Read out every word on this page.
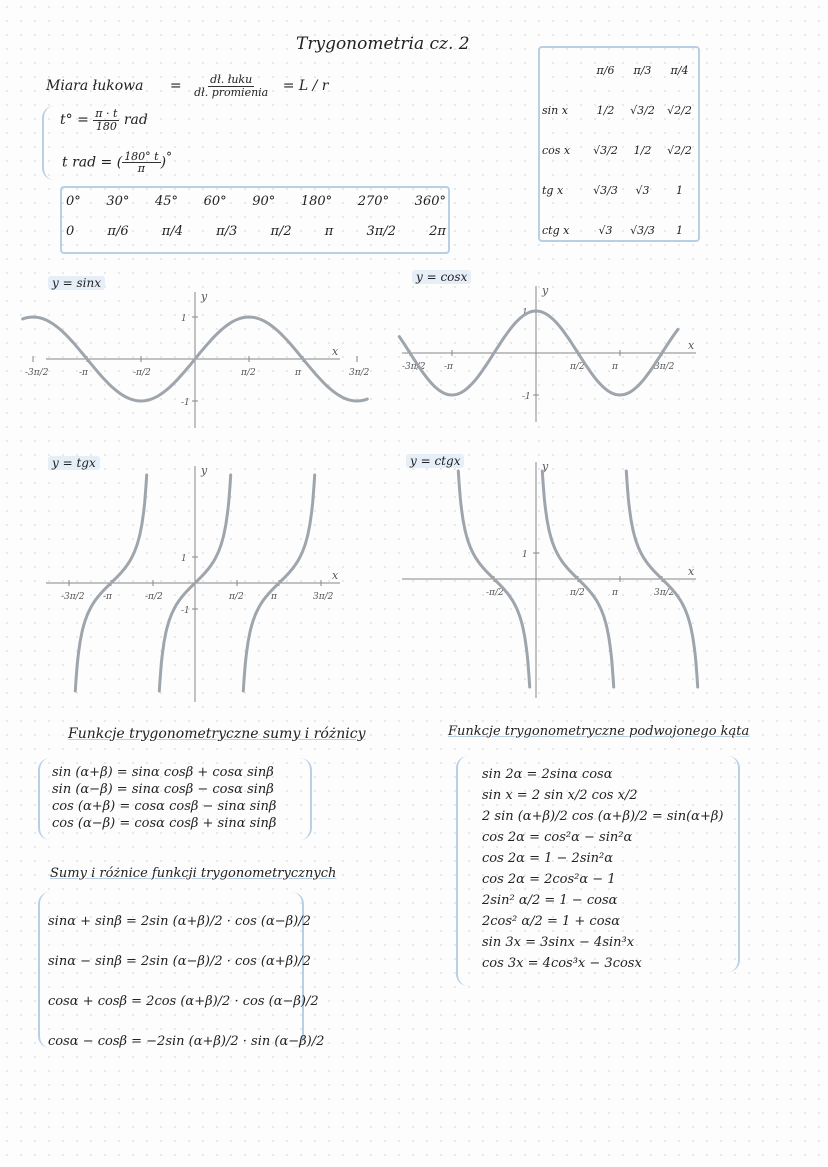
Trygonometria cz. 2
Miara łukowa = $\frac{\text{dł. łuku}}{\text{dł. promienia}} = L / r$
$t^\circ = \frac{\pi \cdot t}{180}$ rad
t rad = ( $\frac{180^\circ t}{\pi} )^\circ$
0° 30° 45° 60° 90° 180° 270° 360°
0	π/6	π/4	π/3	π/2	π	3π/2	2π
	π/6	π/3	π/4
sin x	1/2	√3/2	√2/2
cos x	√3/2	1/2	√2/2
tg x	√3/3	√3	1
ctg x	√3	√3/3	1
y = sinx	y = cosx
y = tgx	y = ctgx
x
y
-3π/2	-π	-π/2	π/2	π	3π/2
1
-1
x
y
-3π/2 -π	π/2	π	3π/2
1
-1
x
y
-3π/2 -π	-π/2	π/2	π	3π/2
1
-1
x
y
-π/2	π/2	π	3π/2
1
Funkcje trygonometryczne sumy i różnicy
sin (α+β) = sinα cosβ + cosα sinβ
sin (α−β) = sinα cosβ − cosα sinβ
cos (α+β) = cosα cosβ − sinα sinβ
cos (α−β) = cosα cosβ + sinα sinβ
Sumy i różnice funkcji trygonometrycznych
sinα + sinβ = 2sin (α+β)/2 · cos (α−β)/2
sinα − sinβ = 2sin (α−β)/2 · cos (α+β)/2
cosα + cosβ = 2cos (α+β)/2 · cos (α−β)/2
cosα − cosβ = −2sin (α+β)/2 · sin (α−β)/2
Funkcje trygonometryczne podwojonego kąta
sin 2α = 2sinα cosα
sin x = 2 sin x/2 cos x/2
2 sin (α+β)/2 cos (α+β)/2 = sin(α+β)
cos 2α = cos²α − sin²α
cos 2α = 1 − 2sin²α
cos 2α = 2cos²α − 1
2sin² α/2 = 1 − cosα
2cos² α/2 = 1 + cosα
sin 3x = 3sinx − 4sin³x
cos 3x = 4cos³x − 3cosx
